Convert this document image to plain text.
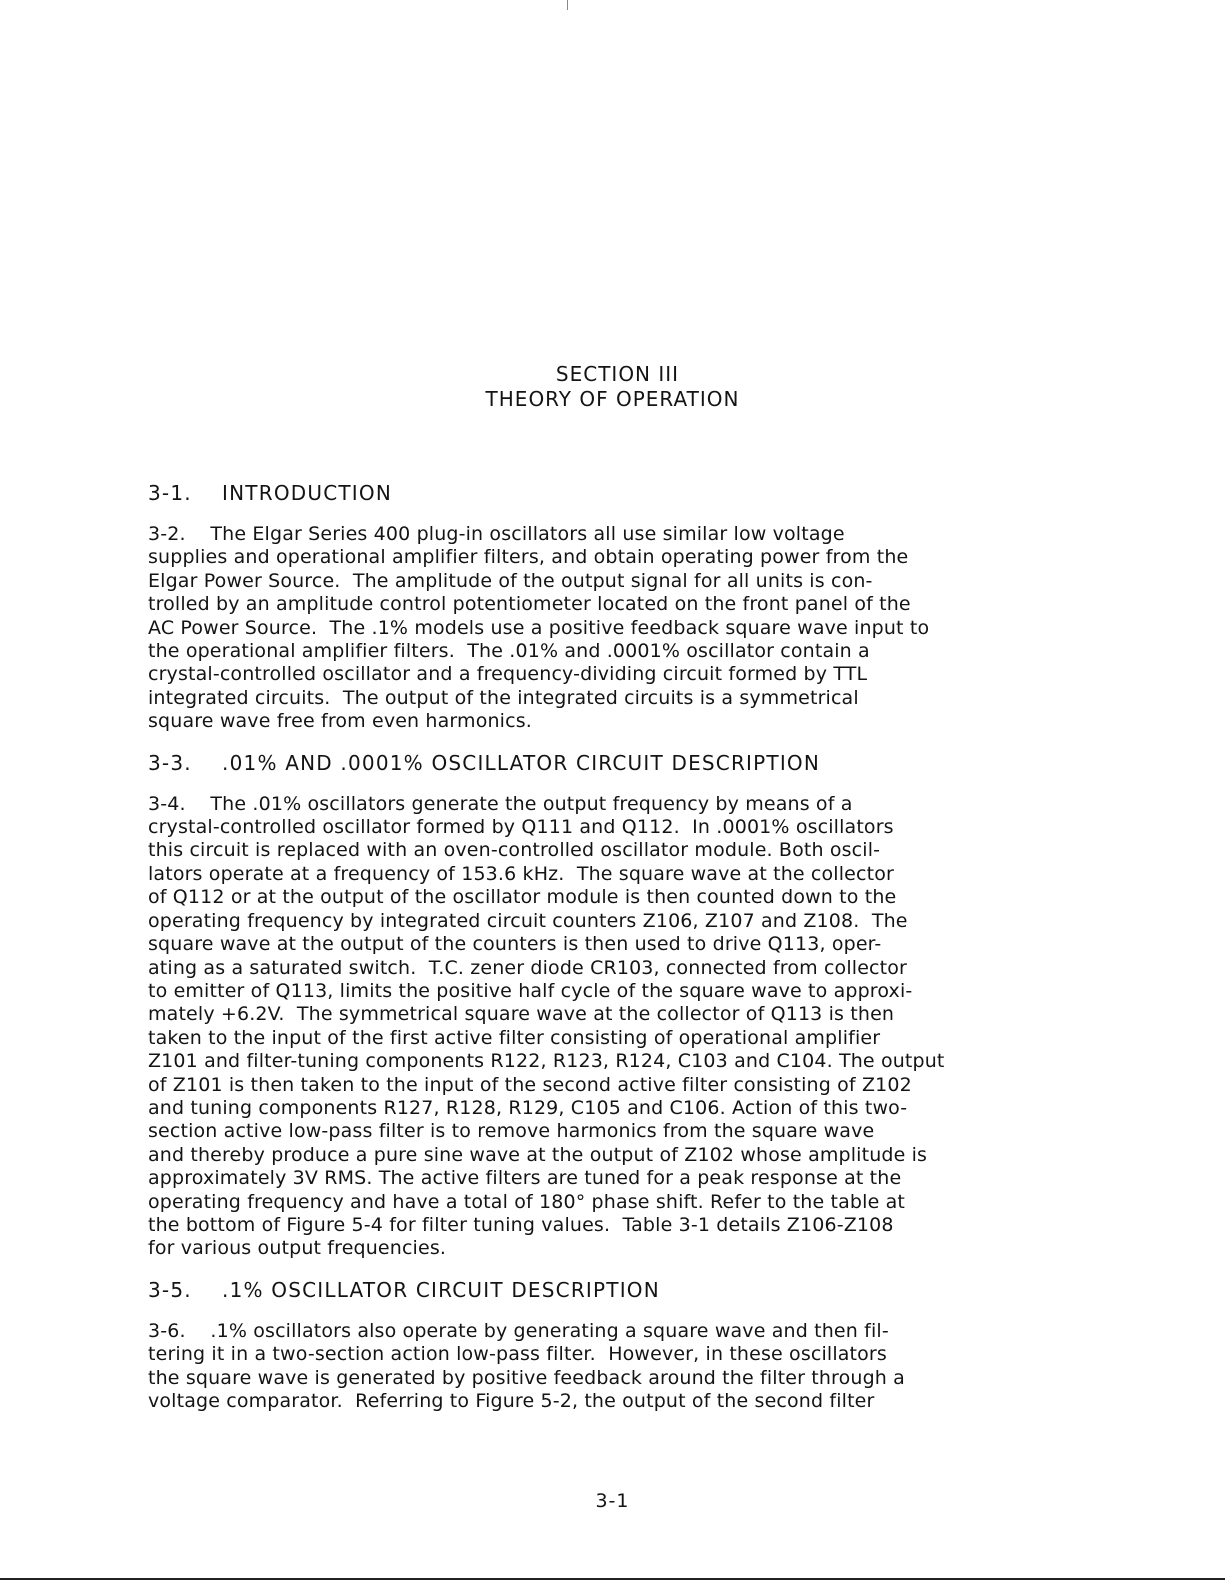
SECTION III
THEORY OF OPERATION
3-1.    INTRODUCTION
3-2.    The Elgar Series 400 plug-in oscillators all use similar low voltage
supplies and operational amplifier filters, and obtain operating power from the
Elgar Power Source.  The amplitude of the output signal for all units is con-
trolled by an amplitude control potentiometer located on the front panel of the
AC Power Source.  The .1% models use a positive feedback square wave input to
the operational amplifier filters.  The .01% and .0001% oscillator contain a
crystal-controlled oscillator and a frequency-dividing circuit formed by TTL
integrated circuits.  The output of the integrated circuits is a symmetrical
square wave free from even harmonics.
3-3.    .01% AND .0001% OSCILLATOR CIRCUIT DESCRIPTION
3-4.    The .01% oscillators generate the output frequency by means of a
crystal-controlled oscillator formed by Q111 and Q112.  In .0001% oscillators
this circuit is replaced with an oven-controlled oscillator module. Both oscil-
lators operate at a frequency of 153.6 kHz.  The square wave at the collector
of Q112 or at the output of the oscillator module is then counted down to the
operating frequency by integrated circuit counters Z106, Z107 and Z108.  The
square wave at the output of the counters is then used to drive Q113, oper-
ating as a saturated switch.  T.C. zener diode CR103, connected from collector
to emitter of Q113, limits the positive half cycle of the square wave to approxi-
mately +6.2V.  The symmetrical square wave at the collector of Q113 is then
taken to the input of the first active filter consisting of operational amplifier
Z101 and filter-tuning components R122, R123, R124, C103 and C104. The output
of Z101 is then taken to the input of the second active filter consisting of Z102
and tuning components R127, R128, R129, C105 and C106. Action of this two-
section active low-pass filter is to remove harmonics from the square wave
and thereby produce a pure sine wave at the output of Z102 whose amplitude is
approximately 3V RMS. The active filters are tuned for a peak response at the
operating frequency and have a total of 180° phase shift. Refer to the table at
the bottom of Figure 5-4 for filter tuning values.  Table 3-1 details Z106-Z108
for various output frequencies.
3-5.    .1% OSCILLATOR CIRCUIT DESCRIPTION
3-6.    .1% oscillators also operate by generating a square wave and then fil-
tering it in a two-section action low-pass filter.  However, in these oscillators
the square wave is generated by positive feedback around the filter through a
voltage comparator.  Referring to Figure 5-2, the output of the second filter
3-1
